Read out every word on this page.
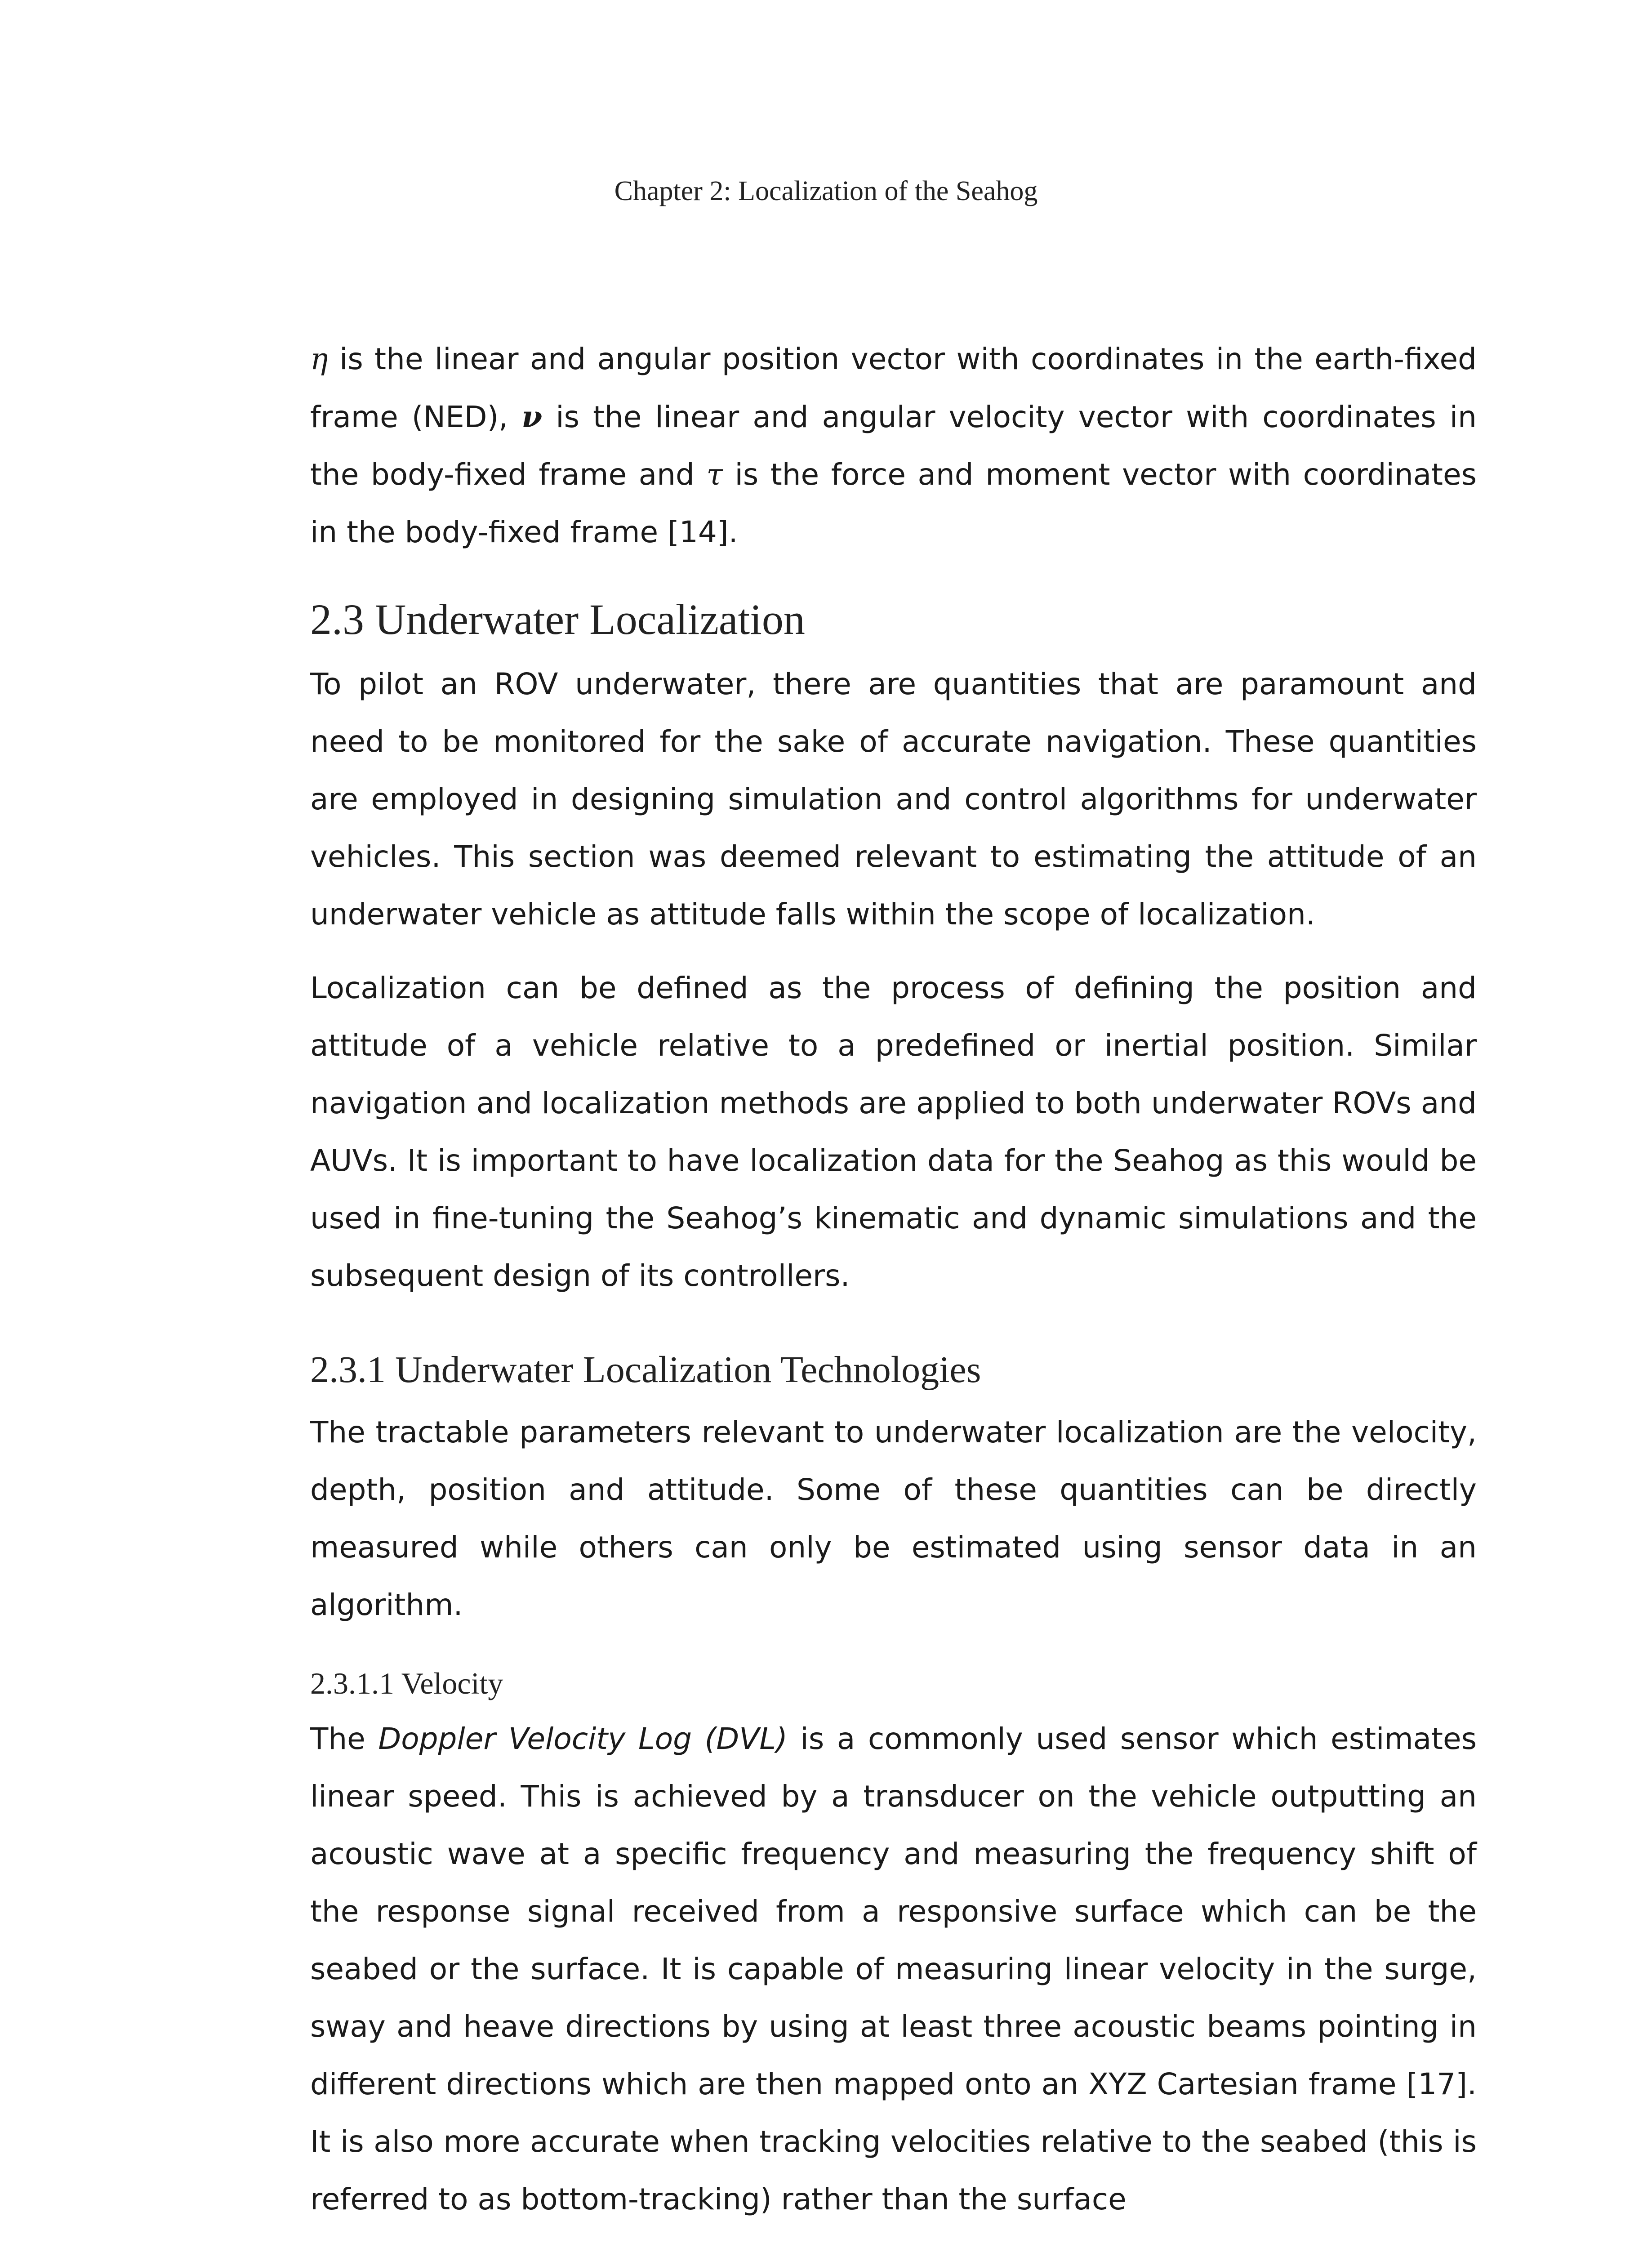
Chapter 2: Localization of the Seahog

η is the linear and angular position vector with coordinates in the earth-fixed frame (NED), ν is the linear and angular velocity vector with coordinates in the body-fixed frame and τ is the force and moment vector with coordinates in the body-fixed frame [14].

2.3 Underwater Localization

To pilot an ROV underwater, there are quantities that are paramount and need to be monitored for the sake of accurate navigation. These quantities are employed in designing simulation and control algorithms for underwater vehicles. This section was deemed relevant to estimating the attitude of an underwater vehicle as attitude falls within the scope of localization.

Localization can be defined as the process of defining the position and attitude of a vehicle relative to a predefined or inertial position. Similar navigation and localization methods are applied to both underwater ROVs and AUVs. It is important to have localization data for the Seahog as this would be used in fine-tuning the Seahog’s kinematic and dynamic simulations and the subsequent design of its controllers.

2.3.1 Underwater Localization Technologies

The tractable parameters relevant to underwater localization are the velocity, depth, position and attitude. Some of these quantities can be directly measured while others can only be estimated using sensor data in an algorithm.

2.3.1.1 Velocity

The Doppler Velocity Log (DVL) is a commonly used sensor which estimates linear speed. This is achieved by a transducer on the vehicle outputting an acoustic wave at a specific frequency and measuring the frequency shift of the response signal received from a responsive surface which can be the seabed or the surface. It is capable of measuring linear velocity in the surge, sway and heave directions by using at least three acoustic beams pointing in different directions which are then mapped onto an XYZ Cartesian frame [17]. It is also more accurate when tracking velocities relative to the seabed (this is referred to as bottom-tracking) rather than the surface
